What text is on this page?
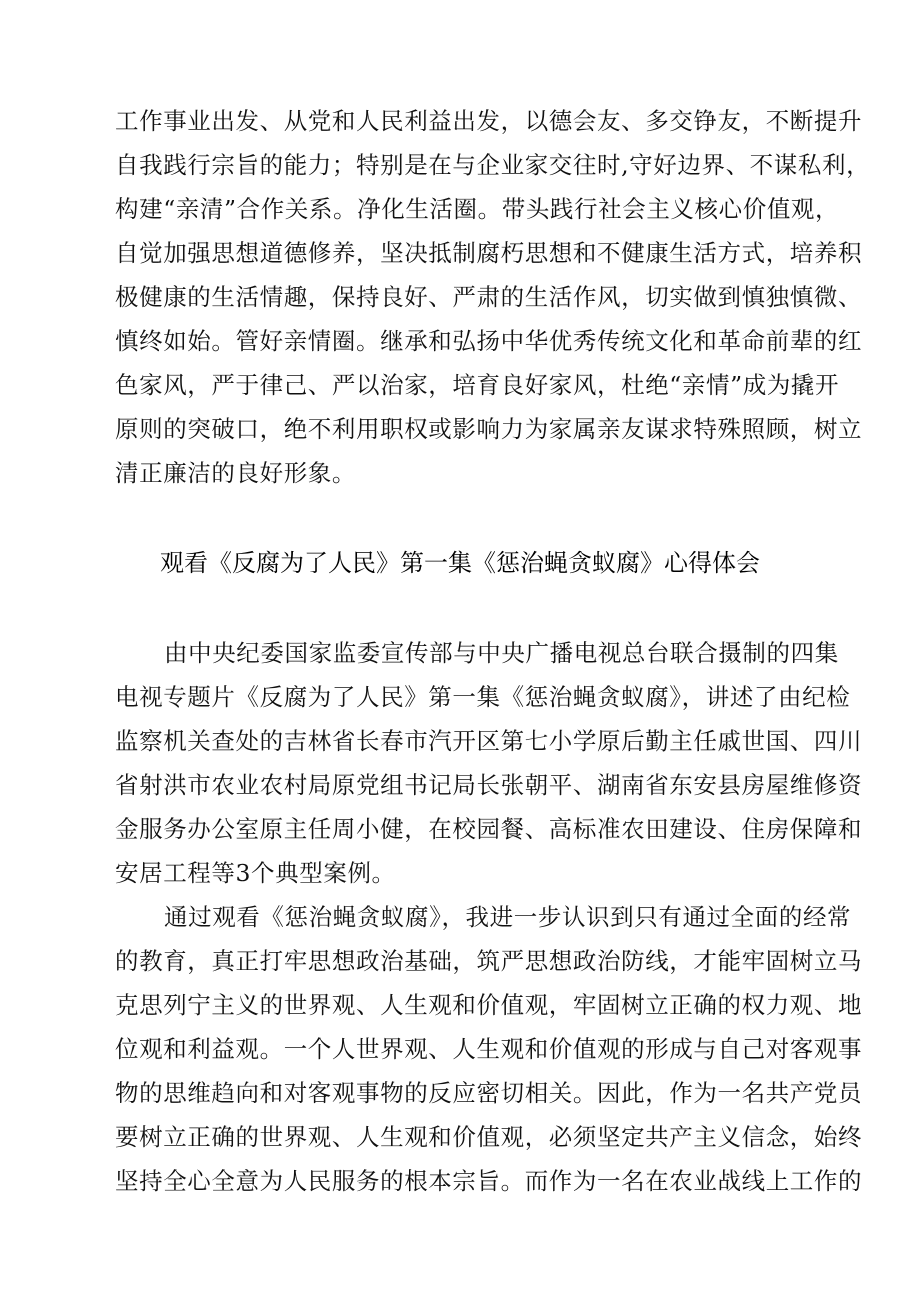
工作事业出发、从党和人民利益出发，以德会友、多交铮友，不断提升
自我践行宗旨的能力；特别是在与企业家交往时,守好边界、不谋私利，
构建“亲清”合作关系。净化生活圈。带头践行社会主义核心价值观，
自觉加强思想道德修养，坚决抵制腐朽思想和不健康生活方式，培养积
极健康的生活情趣，保持良好、严肃的生活作风，切实做到慎独慎微、
慎终如始。管好亲情圈。继承和弘扬中华优秀传统文化和革命前辈的红
色家风，严于律己、严以治家，培育良好家风，杜绝“亲情”成为撬开
原则的突破口，绝不利用职权或影响力为家属亲友谋求特殊照顾，树立
清正廉洁的良好形象。
观看《反腐为了人民》第一集《惩治蝇贪蚁腐》心得体会
由中央纪委国家监委宣传部与中央广播电视总台联合摄制的四集
电视专题片《反腐为了人民》第一集《惩治蝇贪蚁腐》，讲述了由纪检
监察机关查处的吉林省长春市汽开区第七小学原后勤主任戚世国、四川
省射洪市农业农村局原党组书记局长张朝平、湖南省东安县房屋维修资
金服务办公室原主任周小健，在校园餐、高标准农田建设、住房保障和
安居工程等3个典型案例。
通过观看《惩治蝇贪蚁腐》，我进一步认识到只有通过全面的经常
的教育，真正打牢思想政治基础，筑严思想政治防线，才能牢固树立马
克思列宁主义的世界观、人生观和价值观，牢固树立正确的权力观、地
位观和利益观。一个人世界观、人生观和价值观的形成与自己对客观事
物的思维趋向和对客观事物的反应密切相关。因此，作为一名共产党员
要树立正确的世界观、人生观和价值观，必须坚定共产主义信念，始终
坚持全心全意为人民服务的根本宗旨。而作为一名在农业战线上工作的
